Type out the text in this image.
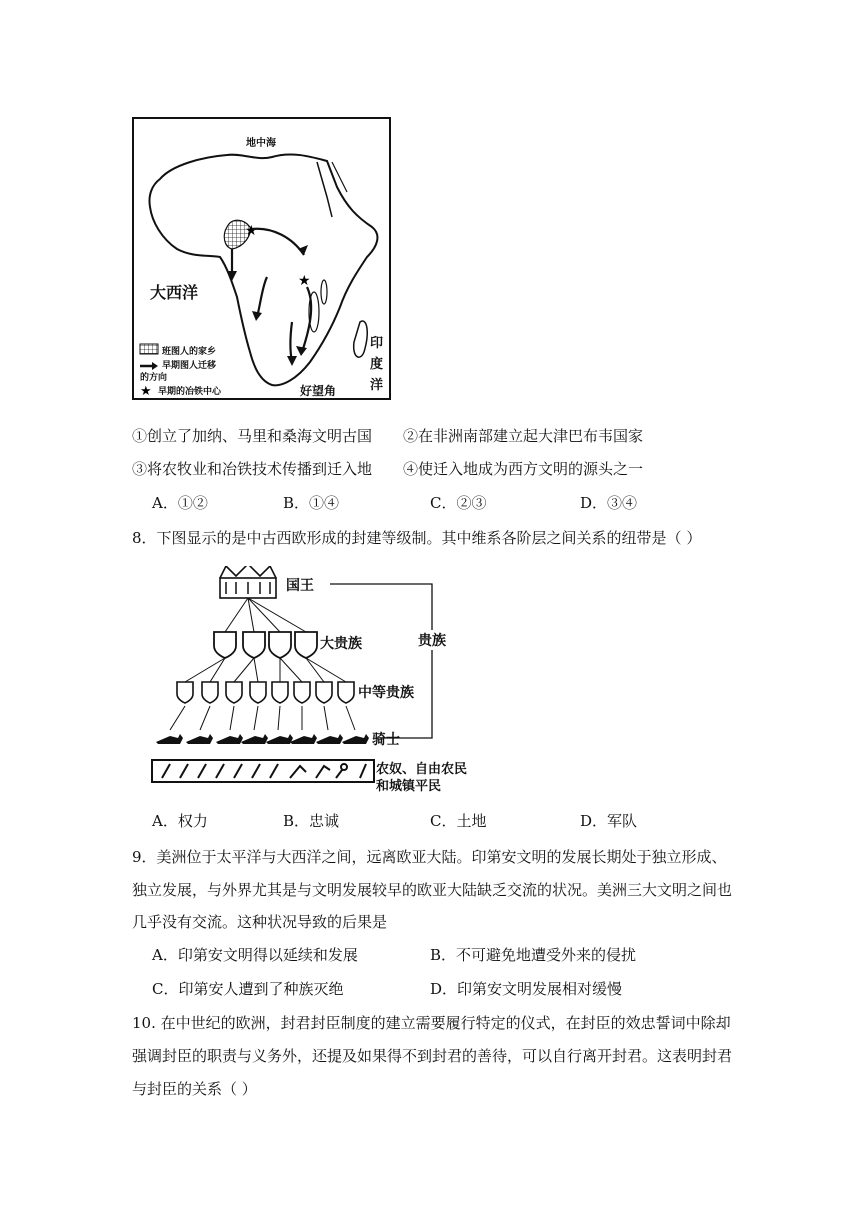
★
★
★
地中海
大西洋
印
度
洋
好望角
班图人的家乡
早期图人迁移
的方向
早期的冶铁中心
①创立了加纳、马里和桑海文明古国 ②在非洲南部建立起大津巴布韦国家
③将农牧业和冶铁技术传播到迁入地 ④使迁入地成为西方文明的源头之一
A．①②	B．①④	C．②③	D．③④
8．下图显示的是中古西欧形成的封建等级制。其中维系各阶层之间关系的纽带是（ ）
国王
大贵族
中等贵族
骑士
贵族
农奴、自由农民
和城镇平民
A．权力	B．忠诚	C．土地	D．军队
9．美洲位于太平洋与大西洋之间，远离欧亚大陆。印第安文明的发展长期处于独立形成、
独立发展，与外界尤其是与文明发展较早的欧亚大陆缺乏交流的状况。美洲三大文明之间也
几乎没有交流。这种状况导致的后果是
A．印第安文明得以延续和发展	B．不可避免地遭受外来的侵扰
C．印第安人遭到了种族灭绝	D．印第安文明发展相对缓慢
10. 在中世纪的欧洲，封君封臣制度的建立需要履行特定的仪式，在封臣的效忠誓词中除却
强调封臣的职责与义务外，还提及如果得不到封君的善待，可以自行离开封君。这表明封君
与封臣的关系（ ）
